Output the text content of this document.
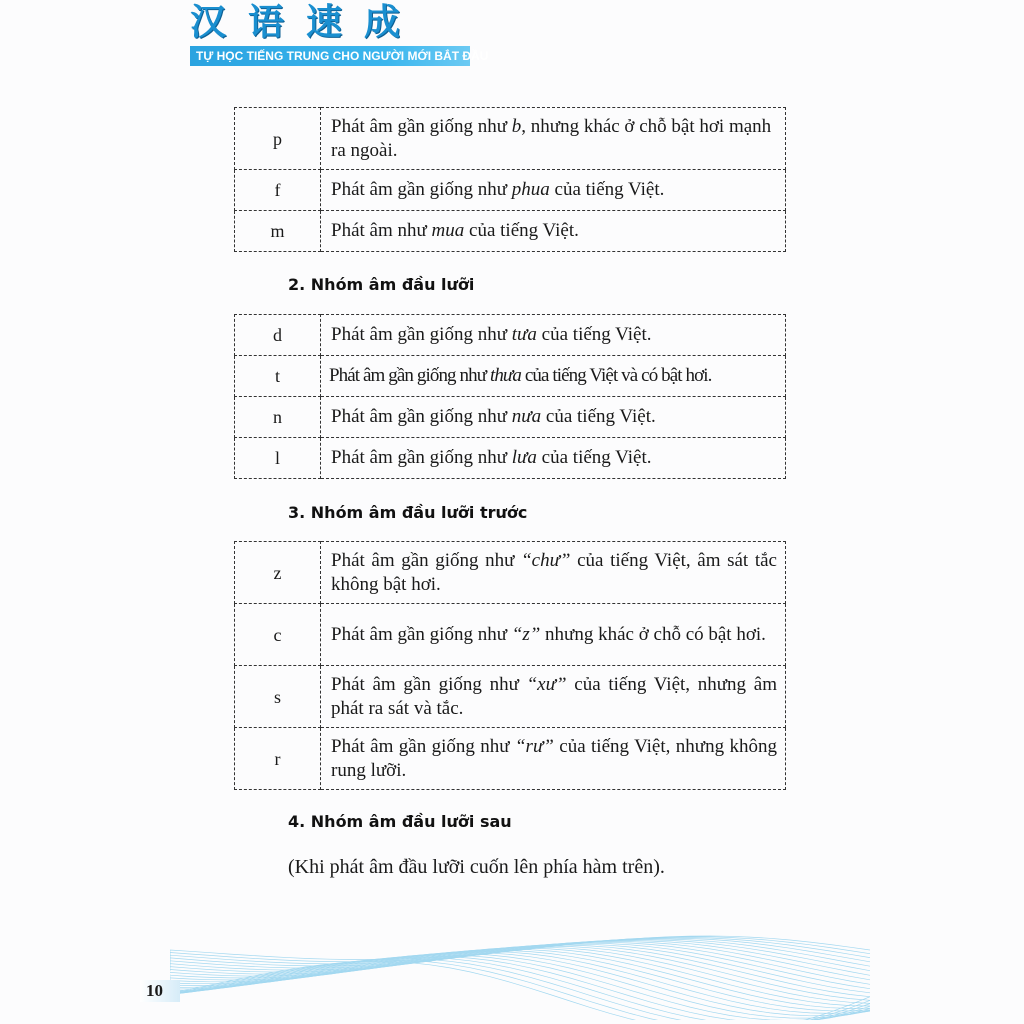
汉语速成
TỰ HỌC TIẾNG TRUNG CHO NGƯỜI MỚI BẮT ĐẦU
p	Phát âm gần giống như b, nhưng khác ở chỗ bật hơi mạnh ra ngoài.
f	Phát âm gần giống như phua của tiếng Việt.
m	Phát âm như mua của tiếng Việt.
2. Nhóm âm đầu lưỡi
d	Phát âm gần giống như tưa của tiếng Việt.
t	Phát âm gần giống như thưa của tiếng Việt và có bật hơi.
n	Phát âm gần giống như nưa của tiếng Việt.
l	Phát âm gần giống như lưa của tiếng Việt.
3. Nhóm âm đầu lưỡi trước
z	Phát âm gần giống như “chư” của tiếng Việt, âm sát tắc không bật hơi.
c	Phát âm gần giống như “z” nhưng khác ở chỗ có bật hơi.
s	Phát âm gần giống như “xư” của tiếng Việt, nhưng âm phát ra sát và tắc.
r	Phát âm gần giống như “rư” của tiếng Việt, nhưng không rung lưỡi.
4. Nhóm âm đầu lưỡi sau
(Khi phát âm đầu lưỡi cuốn lên phía hàm trên).
10
